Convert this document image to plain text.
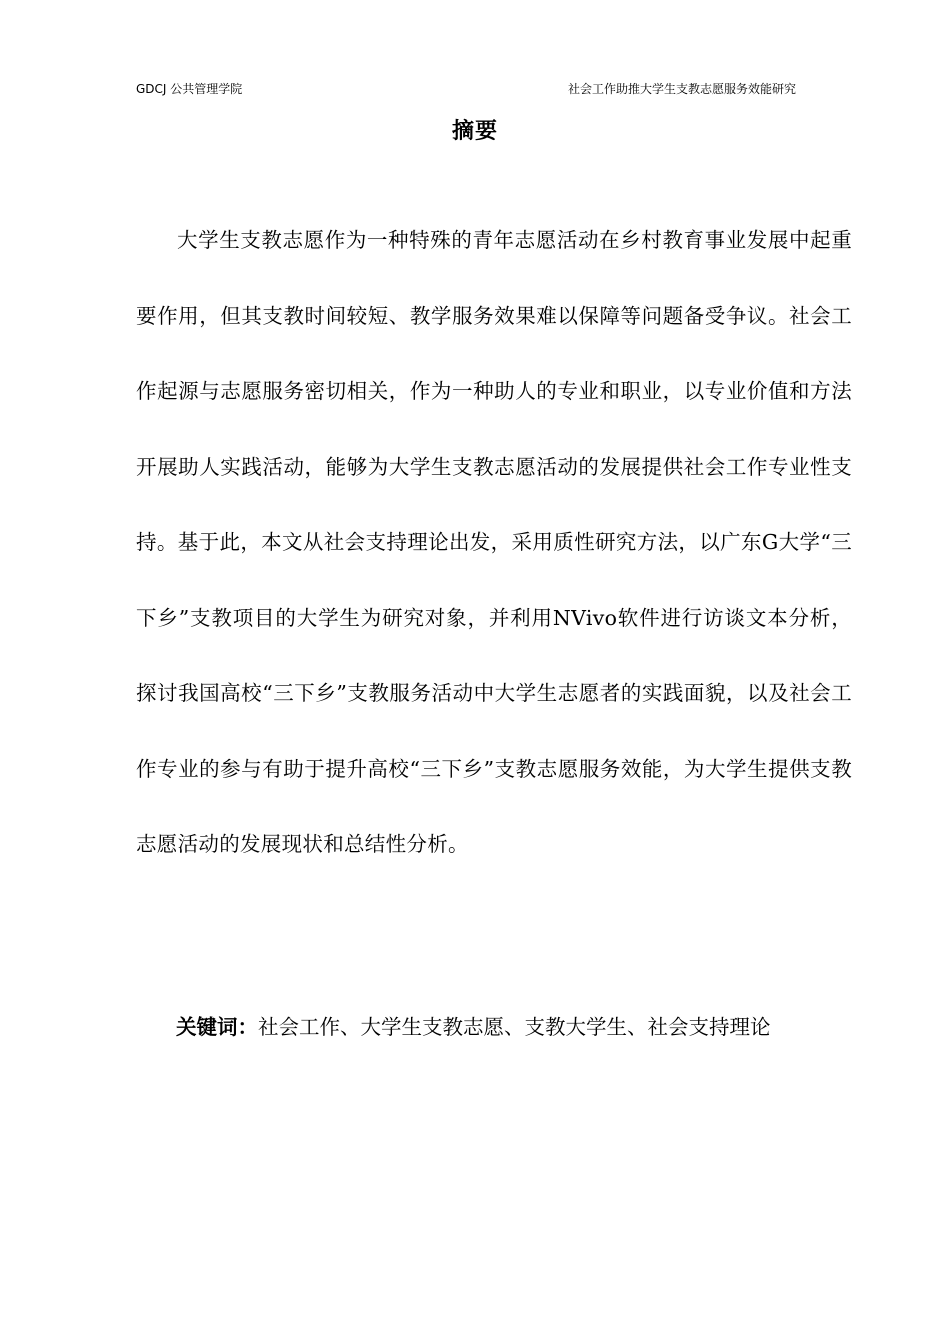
GDCJ 公共管理学院	社会工作助推大学生支教志愿服务效能研究
摘要

大学生支教志愿作为一种特殊的青年志愿活动在乡村教育事业发展中起重要作用，但其支教时间较短、教学服务效果难以保障等问题备受争议。社会工作起源与志愿服务密切相关，作为一种助人的专业和职业，以专业价值和方法开展助人实践活动，能够为大学生支教志愿活动的发展提供社会工作专业性支持。基于此，本文从社会支持理论出发，采用质性研究方法，以广东G大学“三下乡”支教项目的大学生为研究对象，并利用NVivo软件进行访谈文本分析，探讨我国高校“三下乡”支教服务活动中大学生志愿者的实践面貌，以及社会工作专业的参与有助于提升高校“三下乡”支教志愿服务效能，为大学生提供支教志愿活动的发展现状和总结性分析。

关键词：社会工作、大学生支教志愿、支教大学生、社会支持理论
